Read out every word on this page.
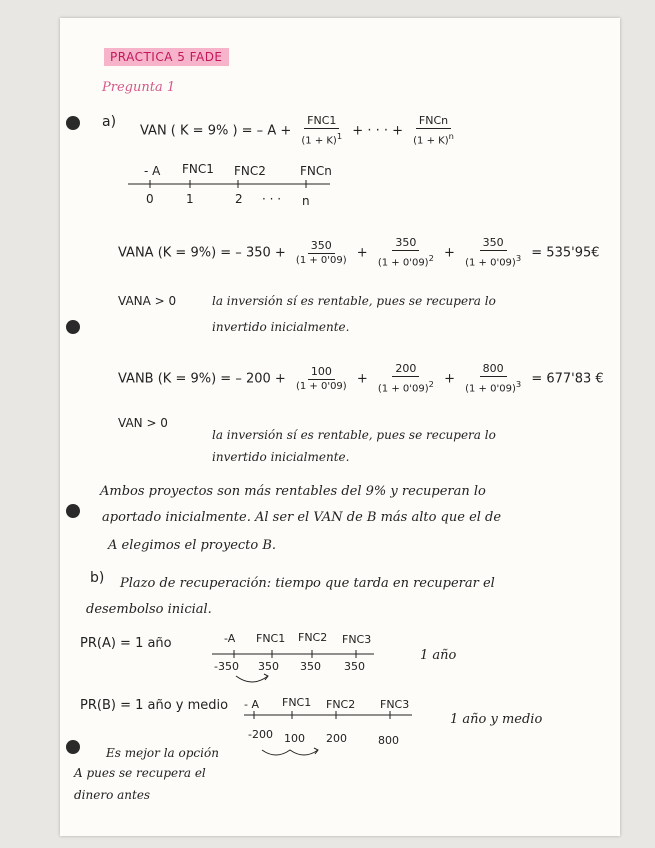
PRACTICA 5 FADE
Pregunta 1
a)
VAN ( K = 9% ) = – $A + \frac{\text{FNC1}}{(1 + K)^1}$ + · · · + $\frac{\text{FNCn}}{(1 + K)^n}$
- A FNC1 FNC2	FNCn
0	1	2 · · · n
VANA (K = 9%) = – $350 + \frac{350}{(1 + 0'09)} + \frac{350}{(1 + 0'09)^2} + \frac{350}{(1 + 0'09)^3}$ = 535'95€
VANA > 0	la inversión sí es rentable, pues se recupera lo
invertido inicialmente.
VANB (K = 9%) = – $200 + \frac{100}{(1 + 0'09)} + \frac{200}{(1 + 0'09)^2} + \frac{800}{(1 + 0'09)^3} = 677'83$ €
VAN > 0
la inversión sí es rentable, pues se recupera lo
invertido inicialmente.
Ambos proyectos son más rentables del 9% y recuperan lo
aportado inicialmente. Al ser el VAN de B más alto que el de
A elegimos el proyecto B.
b) Plazo de recuperación: tiempo que tarda en recuperar el
desembolso inicial.
PR(A) = 1 año	-A FNC1 FNC2 FNC3
-350 350 350 350
1 año
PR(B) = 1 año y medio - A FNC1 FNC2 FNC3
-200 100 200	800
1 año y medio
Es mejor la opción
A pues se recupera el
dinero antes
